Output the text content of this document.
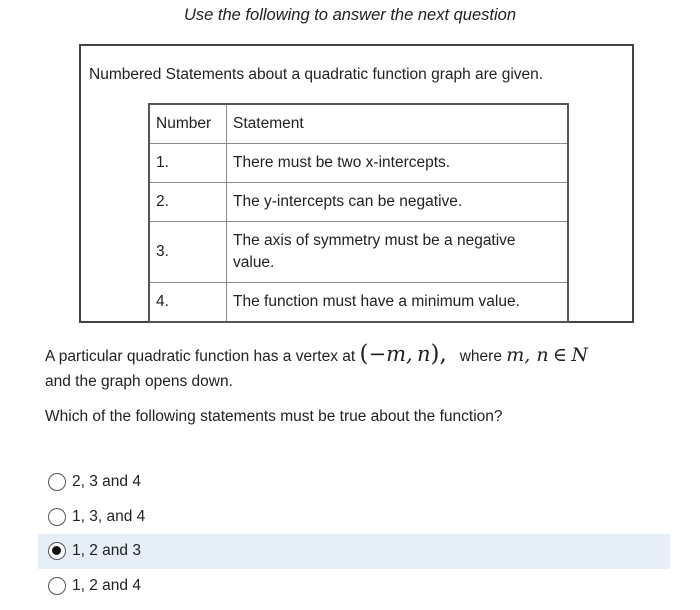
Use the following to answer the next question
Numbered Statements about a quadratic function graph are given.
Number	Statement
1.	There must be two x-intercepts.
2.	The y-intercepts can be negative.
3.	The axis of symmetry must be a negative value.
4.	The function must have a minimum value.
A particular quadratic function has a vertex at (−m, n), where m, n ∈ N
and the graph opens down.
Which of the following statements must be true about the function?
2, 3 and 4
1, 3, and 4
1, 2 and 3
1, 2 and 4
